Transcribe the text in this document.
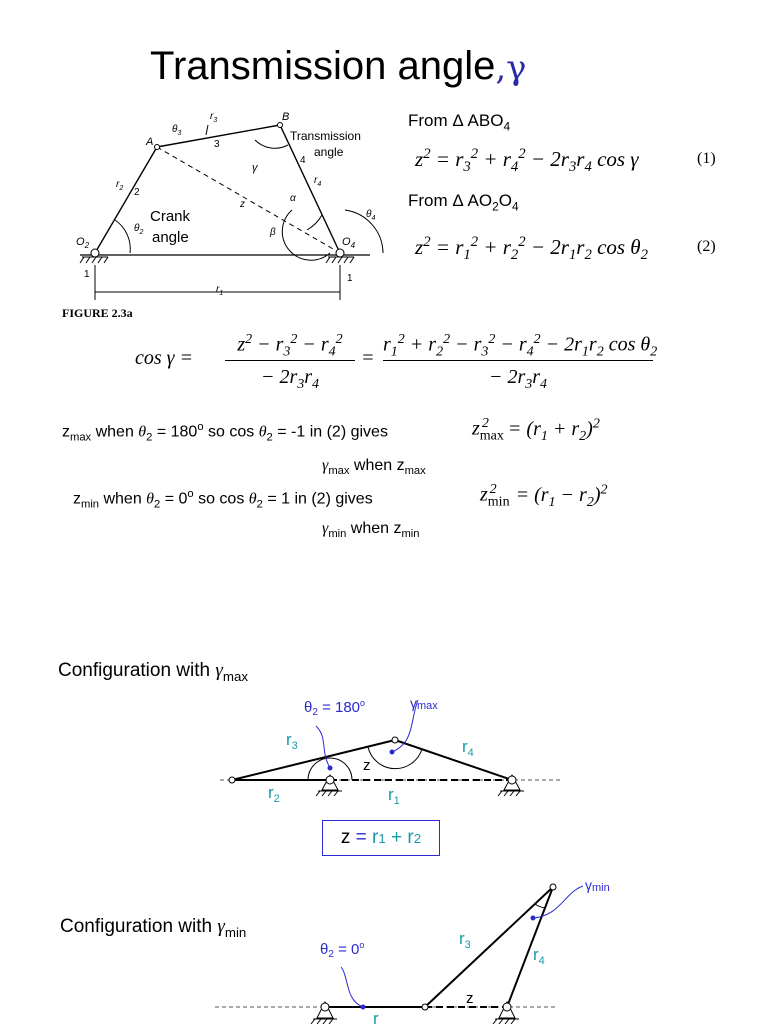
Transmission angle,γ
A
B
$O_2$	$O_4$
$r_1$
$r_2$
$r_3$
$r_4$
$\theta_3$
$\theta_2$
$\theta_4$
γ
α
β
z
1	1
2
3
4
Transmission
angle
Crank
angle
FIGURE 2.3a
From Δ $ABO_4$
$z^2 = r_3^2 + r_4^2 - 2r_3r_4$ cos γ	(1)
From Δ $AO_2O_4$
$z^2 = r_1^2 + r_2^2 - 2r_1r_2$ $\cos \theta_2$
(2)
cos γ =
$z^2 - r_3^2 - r_4^2$
− $2r_3r_4$
=
$r_1^2 + r_2^2 - r_3^2 - r_4^2 - 2r_1r_2$ $\cos \theta_2$
− $2r_3r_4$
$z_{max}$ when $\theta_2 = 180^o$ so $\cos \theta_2 = -1$ in (2) gives	$z_{max}^2 = (r_1 + r_2)^2$
$\gamma_{max}$ when $z_{max}$
$z_{min}$ when $\theta_2 = 0^o$ so $\cos \theta_2 = 1$ in (2) gives	$z_{min}^2 = (r_1 - r_2)^2$
$\gamma_{min}$ when $z_{min}$
Configuration with $\gamma_{max}$
$\theta_2 = 180^o$	γmax
$r_3$	$r_4$
$r_2$	$r_1$
z
z = r 1 + r 2
Configuration with $\gamma_{min}$
$\theta_2 = 0^o$
γmin
$r_3$	$r_4$
r
z
